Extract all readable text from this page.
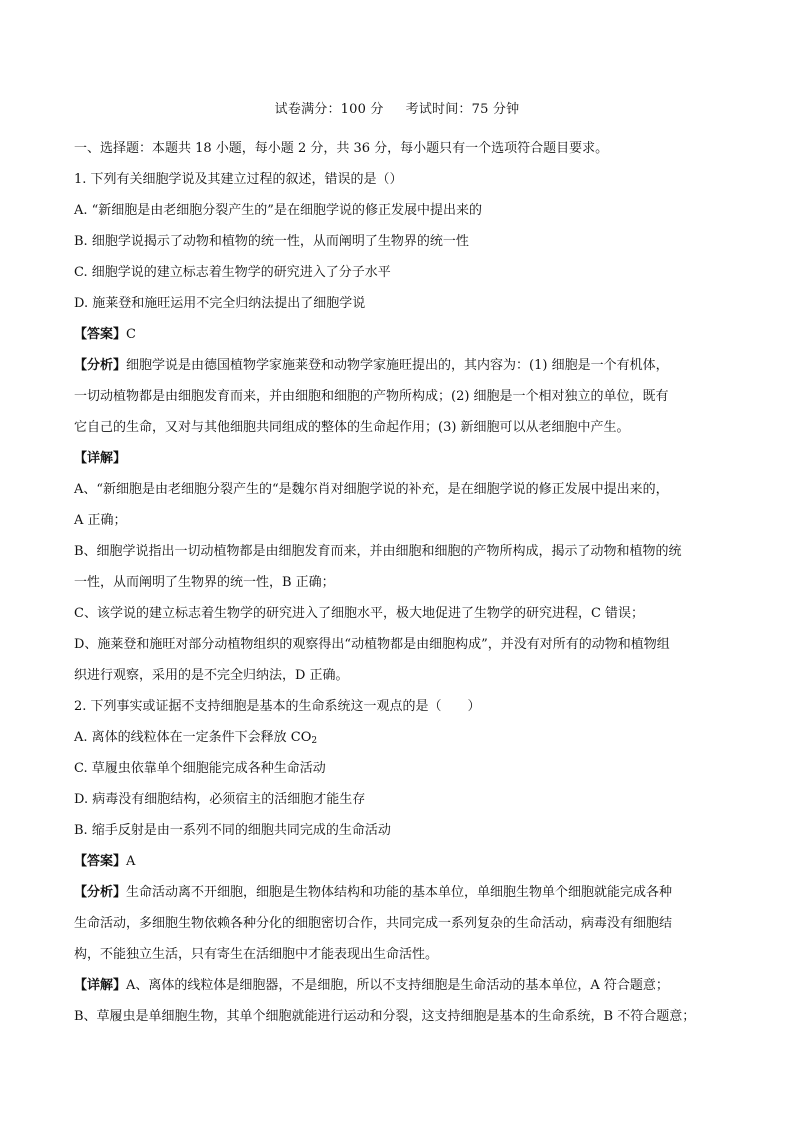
试卷满分：100 分 考试时间：75 分钟
一、选择题：本题共 18 小题，每小题 2 分，共 36 分，每小题只有一个选项符合题目要求。
1. 下列有关细胞学说及其建立过程的叙述，错误的是（）
A. “新细胞是由老细胞分裂产生的”是在细胞学说的修正发展中提出来的
B. 细胞学说揭示了动物和植物的统一性，从而阐明了生物界的统一性
C. 细胞学说的建立标志着生物学的研究进入了分子水平
D. 施莱登和施旺运用不完全归纳法提出了细胞学说
【答案】C
【分析】细胞学说是由德国植物学家施莱登和动物学家施旺提出的，其内容为：(1) 细胞是一个有机体，
一切动植物都是由细胞发育而来，并由细胞和细胞的产物所构成；(2) 细胞是一个相对独立的单位，既有
它自己的生命，又对与其他细胞共同组成的整体的生命起作用；(3) 新细胞可以从老细胞中产生。
【详解】
A、“新细胞是由老细胞分裂产生的“是魏尔肖对细胞学说的补充，是在细胞学说的修正发展中提出来的，
A 正确；
B、细胞学说指出一切动植物都是由细胞发育而来，并由细胞和细胞的产物所构成，揭示了动物和植物的统
一性，从而阐明了生物界的统一性，B 正确；
C、该学说的建立标志着生物学的研究进入了细胞水平，极大地促进了生物学的研究进程，C 错误；
D、施莱登和施旺对部分动植物组织的观察得出“动植物都是由细胞构成”，并没有对所有的动物和植物组
织进行观察，采用的是不完全归纳法，D 正确。
2. 下列事实或证据不支持细胞是基本的生命系统这一观点的是（　　）
A. 离体的线粒体在一定条件下会释放 $CO_2$
C. 草履虫依靠单个细胞能完成各种生命活动
D. 病毒没有细胞结构，必须宿主的活细胞才能生存
B. 缩手反射是由一系列不同的细胞共同完成的生命活动
【答案】A
【分析】生命活动离不开细胞，细胞是生物体结构和功能的基本单位，单细胞生物单个细胞就能完成各种
生命活动，多细胞生物依赖各种分化的细胞密切合作，共同完成一系列复杂的生命活动，病毒没有细胞结
构，不能独立生活，只有寄生在活细胞中才能表现出生命活性。
【详解】A、离体的线粒体是细胞器，不是细胞，所以不支持细胞是生命活动的基本单位，A 符合题意；
B、草履虫是单细胞生物，其单个细胞就能进行运动和分裂，这支持细胞是基本的生命系统，B 不符合题意；
